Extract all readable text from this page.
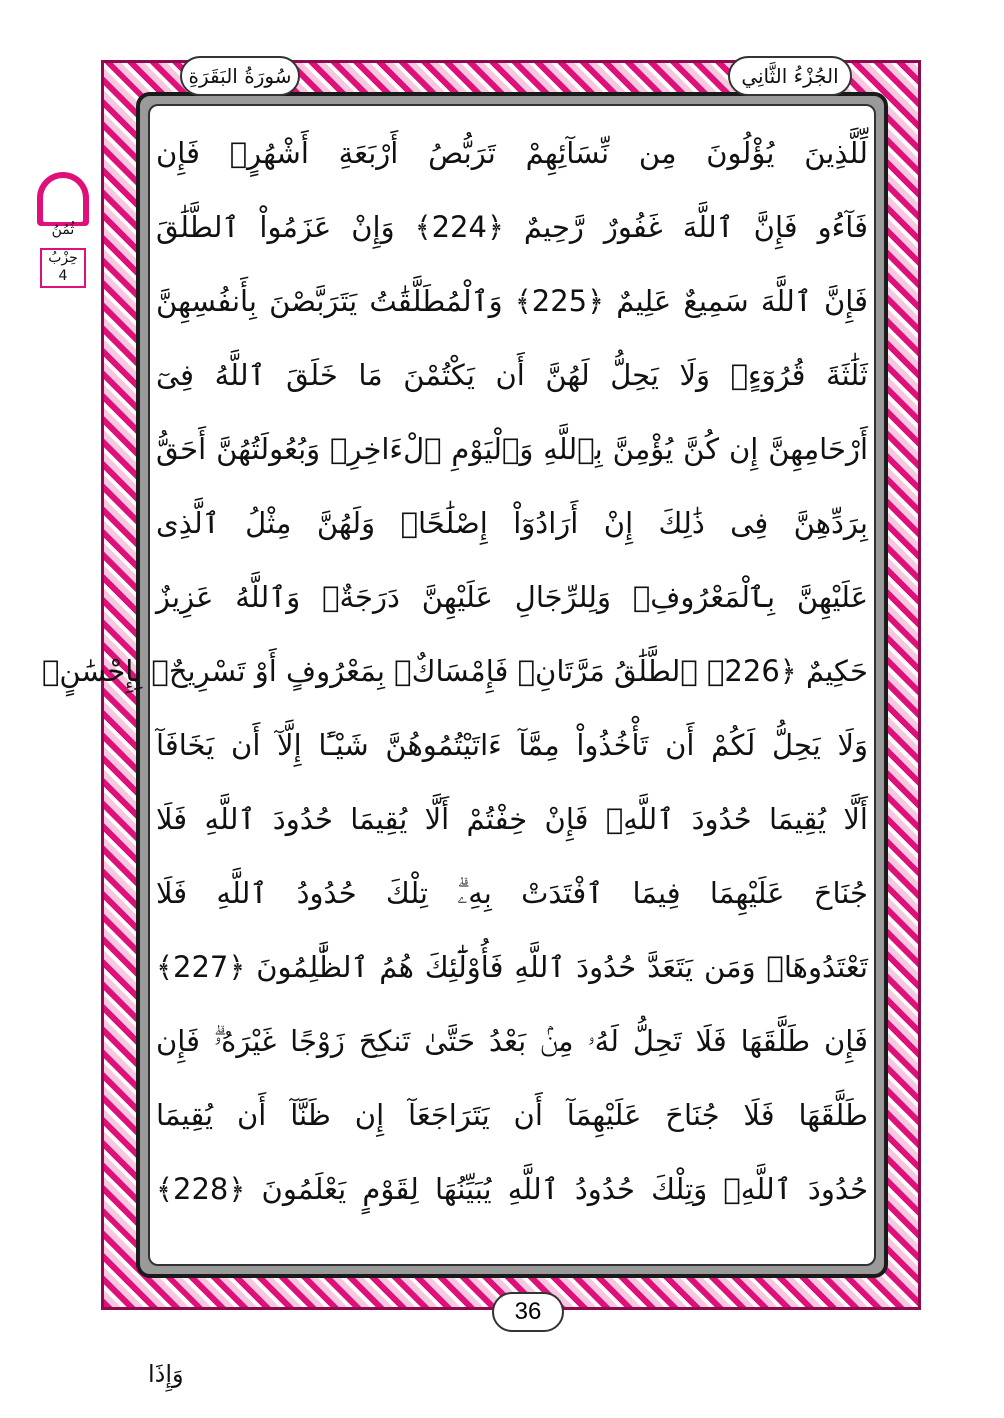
سُورَةُ البَقَرَةِ	الجُزْءُ الثَّانِي
ثُمُنُ
حِزْبُ
4
لِّلَّذِينَ يُؤْلُونَ مِن نِّسَآئِهِمْ تَرَبُّصُ أَرْبَعَةِ أَشْهُرٍۖ فَإِن
فَآءُو فَإِنَّ ٱللَّهَ غَفُورٌ رَّحِيمٌ ﴿224﴾ وَإِنْ عَزَمُواْ ٱلطَّلَٰقَ
فَإِنَّ ٱللَّهَ سَمِيعٌ عَلِيمٌ ﴿225﴾ وَٱلْمُطَلَّقَٰتُ يَتَرَبَّصْنَ بِأَنفُسِهِنَّ
ثَلَٰثَةَ قُرُوٓءٍۚ وَلَا يَحِلُّ لَهُنَّ أَن يَكْتُمْنَ مَا خَلَقَ ٱللَّهُ فِىٓ
أَرْحَامِهِنَّ إِن كُنَّ يُؤْمِنَّ بِٱللَّهِ وَٱلْيَوْمِ ٱلْءَاخِرِۚ وَبُعُولَتُهُنَّ أَحَقُّ
بِرَدِّهِنَّ فِى ذَٰلِكَ إِنْ أَرَادُوٓاْ إِصْلَٰحًاۚ وَلَهُنَّ مِثْلُ ٱلَّذِى
عَلَيْهِنَّ بِٱلْمَعْرُوفِۚ وَلِلرِّجَالِ عَلَيْهِنَّ دَرَجَةٌۗ وَٱللَّهُ عَزِيزٌ
حَكِيمٌ ﴿226﴾ ٱلطَّلَٰقُ مَرَّتَانِۖ فَإِمْسَاكٌۢ بِمَعْرُوفٍ أَوْ تَسْرِيحٌۢ بِإِحْسَٰنٍۗ
وَلَا يَحِلُّ لَكُمْ أَن تَأْخُذُواْ مِمَّآ ءَاتَيْتُمُوهُنَّ شَيْـًٔا إِلَّآ أَن يَخَافَآ
أَلَّا يُقِيمَا حُدُودَ ٱللَّهِۖ فَإِنْ خِفْتُمْ أَلَّا يُقِيمَا حُدُودَ ٱللَّهِ فَلَا
جُنَاحَ عَلَيْهِمَا فِيمَا ٱفْتَدَتْ بِهِۦۗ تِلْكَ حُدُودُ ٱللَّهِ فَلَا
تَعْتَدُوهَاۚ وَمَن يَتَعَدَّ حُدُودَ ٱللَّهِ فَأُوْلَٰٓئِكَ هُمُ ٱلظَّٰلِمُونَ ﴿227﴾
فَإِن طَلَّقَهَا فَلَا تَحِلُّ لَهُۥ مِنۢ بَعْدُ حَتَّىٰ تَنكِحَ زَوْجًا غَيْرَهُۥۗ فَإِن
طَلَّقَهَا فَلَا جُنَاحَ عَلَيْهِمَآ أَن يَتَرَاجَعَآ إِن ظَنَّآ أَن يُقِيمَا
حُدُودَ ٱللَّهِۗ وَتِلْكَ حُدُودُ ٱللَّهِ يُبَيِّنُهَا لِقَوْمٍ يَعْلَمُونَ ﴿228﴾
36
وَإِذَا
